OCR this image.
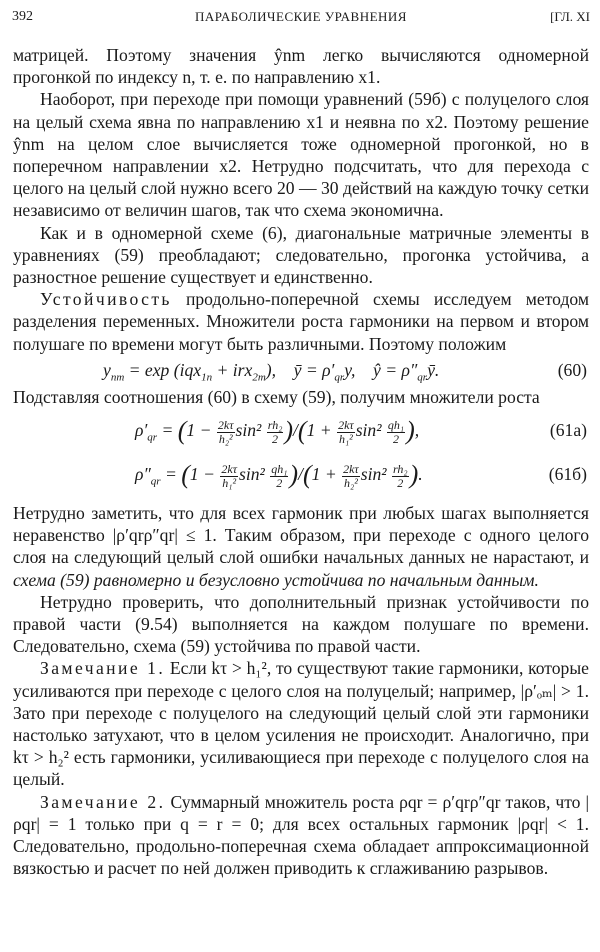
392	ПАРАБОЛИЧЕСКИЕ УРАВНЕНИЯ	[ГЛ. XI

матрицей. Поэтому значения ŷnm легко вычисляются одномерной прогонкой по индексу n, т. е. по направлению x1.

Наоборот, при переходе при помощи уравнений (59б) с полуцелого слоя на целый схема явна по направлению x1 и неявна по x2. Поэтому решение ŷnm на целом слое вычисляется тоже одномерной прогонкой, но в поперечном направлении x2. Нетрудно подсчитать, что для перехода с целого на целый слой нужно всего 20 — 30 действий на каждую точку сетки независимо от величин шагов, так что схема экономична.

Как и в одномерной схеме (6), диагональные матричные элементы в уравнениях (59) преобладают; следовательно, прогонка устойчива, а разностное решение существует и единственно.

Устойчивость продольно-поперечной схемы исследуем методом разделения переменных. Множители роста гармоники на первом и втором полушаге по времени могут быть различными. Поэтому положим

$y_{nm} = \exp (iqx_{1n} + irx_{2m})$,    ȳ = $\rho'_{qr}y$,    ŷ = $\rho''_{qr}ȳ$.	(60)

Подставляя соотношения (60) в схему (59), получим множители роста

$\rho'_{qr} = (1 - \frac{2k\tau}{\text{h₂²}} \sin^2 \frac{\text{rh₂}}{2} )/(1 + \frac{2k\tau}{\text{h₁²}} \sin^2 \frac{\text{qh₁}}{2}$ ),	(61а)
$\rho''_{qr} = (1 - \frac{2k\tau}{\text{h₁²}} \sin^2 \frac{\text{qh₁}}{2} )/(1 + \frac{2k\tau}{\text{h₂²}} \sin^2 \frac{\text{rh₂}}{2}$ ).	(61б)

Нетрудно заметить, что для всех гармоник при любых шагах выполняется неравенство |ρ′qrρ″qr| ≤ 1. Таким образом, при переходе с одного целого слоя на следующий целый слой ошибки начальных данных не нарастают, и схема (59) равномерно и безусловно устойчива по начальным данным.

Нетрудно проверить, что дополнительный признак устойчивости по правой части (9.54) выполняется на каждом полушаге по времени. Следовательно, схема (59) устойчива по правой части.

Замечание 1. Если kτ > h₁², то существуют такие гармоники, которые усиливаются при переходе с целого слоя на полуцелый; например, |ρ′ₒₘ| > 1. Зато при переходе с полуцелого на следующий целый слой эти гармоники настолько затухают, что в целом усиления не происходит. Аналогично, при kτ > h₂² есть гармоники, усиливающиеся при переходе с полуцелого слоя на целый.

Замечание 2. Суммарный множитель роста ρqr = ρ′qrρ″qr таков, что |ρqr| = 1 только при q = r = 0; для всех остальных гармоник |ρqr| < 1. Следовательно, продольно-поперечная схема обладает аппроксимационной вязкостью и расчет по ней должен приводить к сглаживанию разрывов.
